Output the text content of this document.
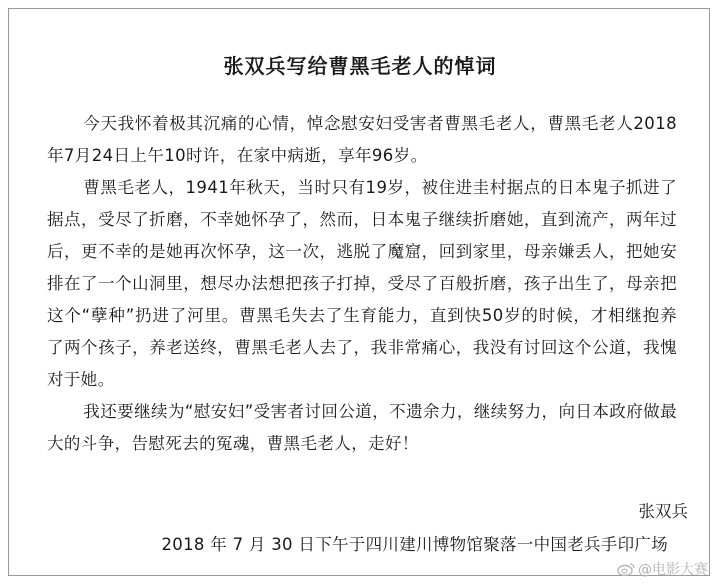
张双兵写给曹黑毛老人的悼词

今天我怀着极其沉痛的心情，悼念慰安妇受害者曹黑毛老人，曹黑毛老人2018年7月24日上午10时许，在家中病逝，享年96岁。

曹黑毛老人，1941年秋天，当时只有19岁，被住进圭村据点的日本鬼子抓进了据点，受尽了折磨，不幸她怀孕了，然而，日本鬼子继续折磨她，直到流产，两年过后，更不幸的是她再次怀孕，这一次，逃脱了魔窟，回到家里，母亲嫌丢人，把她安排在了一个山洞里，想尽办法想把孩子打掉，受尽了百般折磨，孩子出生了，母亲把这个“孽种”扔进了河里。曹黑毛失去了生育能力，直到快50岁的时候，才相继抱养了两个孩子，养老送终，曹黑毛老人去了，我非常痛心，我没有讨回这个公道，我愧对于她。

我还要继续为“慰安妇”受害者讨回公道，不遗余力，继续努力，向日本政府做最大的斗争，告慰死去的冤魂，曹黑毛老人，走好！

张双兵
2018 年 7 月 30 日下午于四川建川博物馆聚落一中国老兵手印广场
@电影大赛
